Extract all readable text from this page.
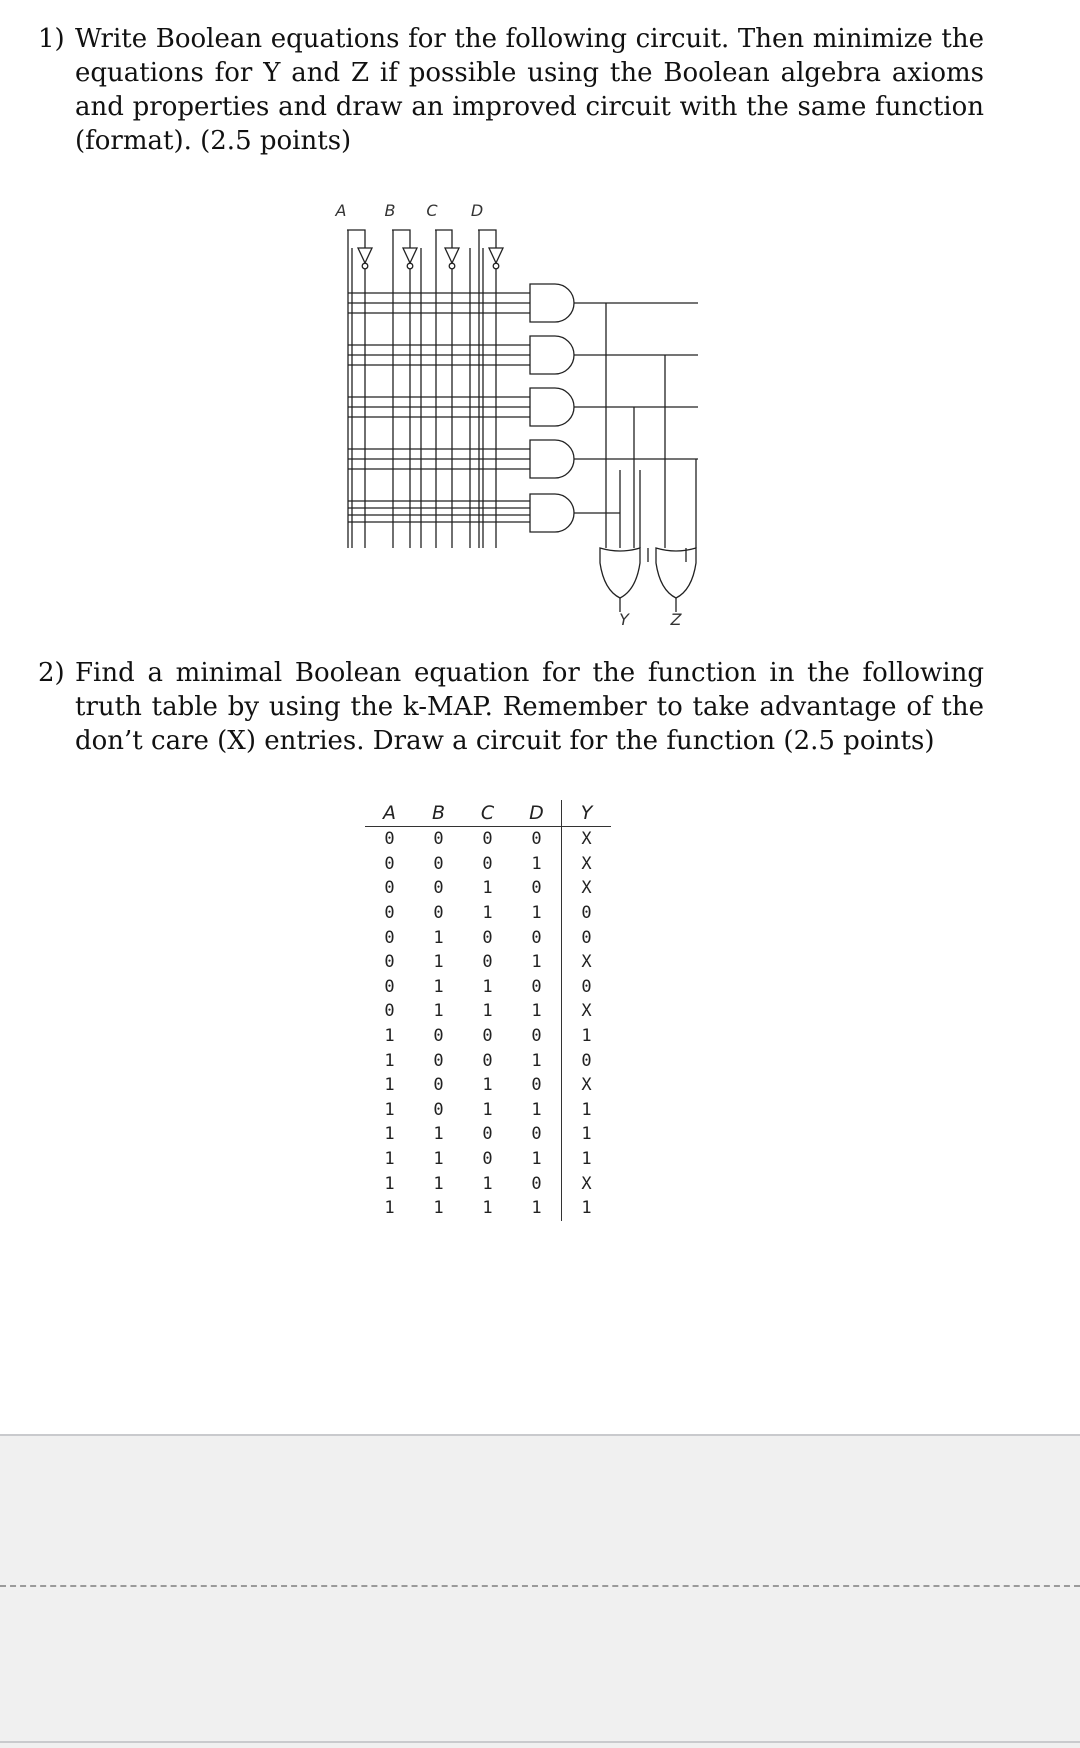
1) Write Boolean equations for the following circuit. Then minimize the equations for Y and Z if possible using the Boolean algebra axioms and properties and draw an improved circuit with the same function (format). (2.5 points)
A B C D
Y	Z
2) Find a minimal Boolean equation for the function in the following truth table by using the k-MAP. Remember to take advantage of the don’t care (X) entries. Draw a circuit for the function (2.5 points)
A	B	C	D	Y
0	0	0	0	X
0	0	0	1	X
0	0	1	0	X
0	0	1	1	0
0	1	0	0	0
0	1	0	1	X
0	1	1	0	0
0	1	1	1	X
1	0	0	0	1
1	0	0	1	0
1	0	1	0	X
1	0	1	1	1
1	1	0	0	1
1	1	0	1	1
1	1	1	0	X
1	1	1	1	1
